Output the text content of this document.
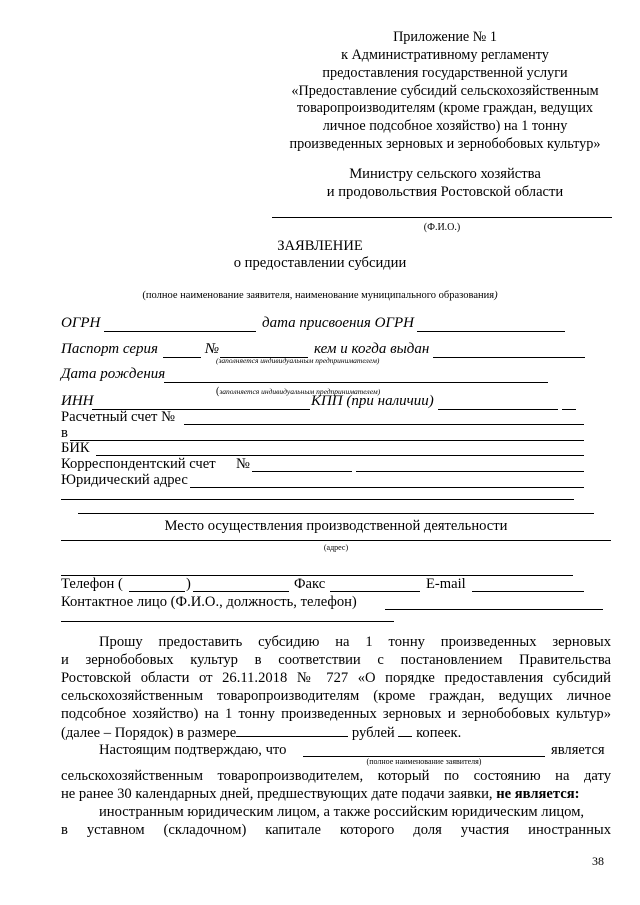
Приложение № 1
к Административному регламенту
предоставления государственной услуги
«Предоставление субсидий сельскохозяйственным
товаропроизводителям (кроме граждан, ведущих
личное подсобное хозяйство) на 1 тонну
произведенных зерновых и зернобобовых культур»
Министру сельского хозяйства
и продовольствия Ростовской области
(Ф.И.О.)
ЗАЯВЛЕНИЕ
о предоставлении субсидии
(полное наименование заявителя, наименование муниципального образования)
ОГРН	дата присвоения ОГРН
Паспорт серия	№	кем и когда выдан
(заполняется индивидуальным предпринимателем)
Дата рождения
(заполняется индивидуальным предпринимателем)
ИНН	КПП (при наличии)
Расчетный счет №
в
БИК
Корреспондентский счет №
Юридический адрес
Место осуществления производственной деятельности
(адрес)
Телефон (	)	Факс	E-mail
Контактное лицо (Ф.И.О., должность, телефон)
Прошу предоставить субсидию на 1 тонну произведенных зерновых
и зернобобовых культур в соответствии с постановлением Правительства
Ростовской области от 26.11.2018 № 727 «О порядке предоставления субсидий
сельскохозяйственным товаропроизводителям (кроме граждан, ведущих личное
подсобное хозяйство) на 1 тонну произведенных зерновых и зернобобовых культур»
(далее – Порядок) в размере	рублей копеек.
Настоящим подтверждаю, что	является
(полное наименование заявителя)
сельскохозяйственным товаропроизводителем, который по состоянию на дату
не ранее 30 календарных дней, предшествующих дате подачи заявки, не является:
иностранным юридическим лицом, а также российским юридическим лицом,
в уставном (складочном) капитале которого доля участия иностранных
38
